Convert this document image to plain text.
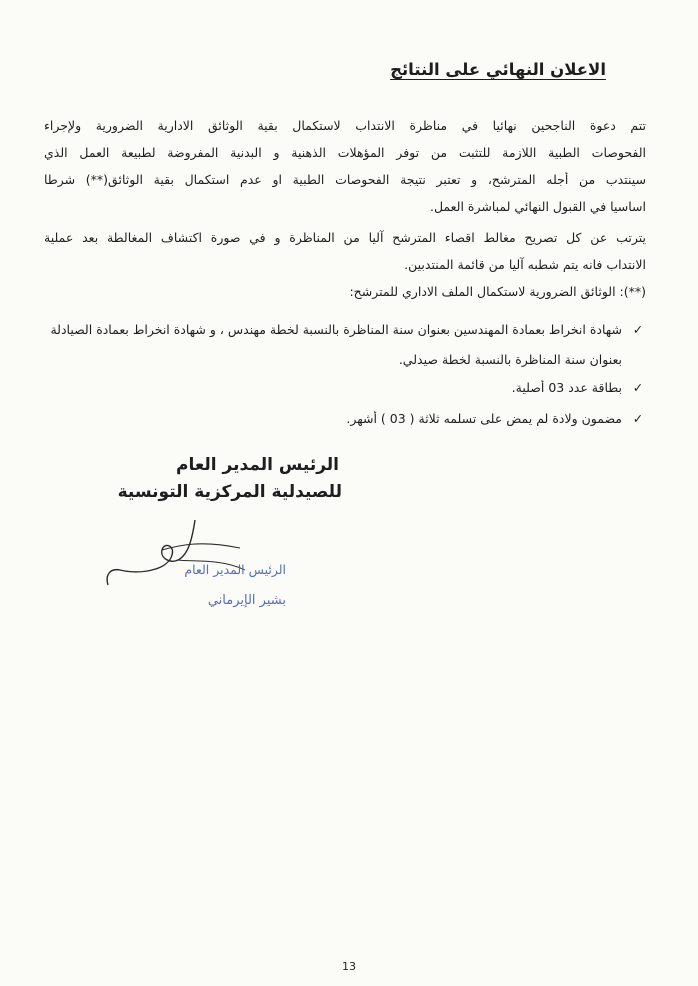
الاعلان النهائي على النتائج
تتم دعوة الناجحين نهائيا في مناظرة الانتداب لاستكمال بقية الوثائق الادارية الضرورية ولإجراء
الفحوصات الطبية اللازمة للتثبت من توفر المؤهلات الذهنية و البدنية المفروضة لطبيعة العمل الذي
سينتدب من أجله المترشح، و تعتبر نتيجة الفحوصات الطبية او عدم استكمال بقية الوثائق(**) شرطا
اساسيا في القبول النهائي لمباشرة العمل.
يترتب عن كل تصريح مغالط اقصاء المترشح آليا من المناظرة و في صورة اكتشاف المغالطة بعد عملية
الانتداب فانه يتم شطبه آليا من قائمة المنتدبين.
(**): الوثائق الضرورية لاستكمال الملف الاداري للمترشح:
✓شهادة انخراط بعمادة المهندسين بعنوان سنة المناظرة بالنسبة لخطة مهندس ، و شهادة انخراط بعمادة الصيادلة
بعنوان سنة المناظرة بالنسبة لخطة صيدلي.
✓بطاقة عدد 03 أصلية.
✓مضمون ولادة لم يمض على تسلمه ثلاثة ( 03 ) أشهر.
الرئيس المدير العام
للصيدلية المركزية التونسية
الرئيس المدير العام
بشير الإيرماني
13
